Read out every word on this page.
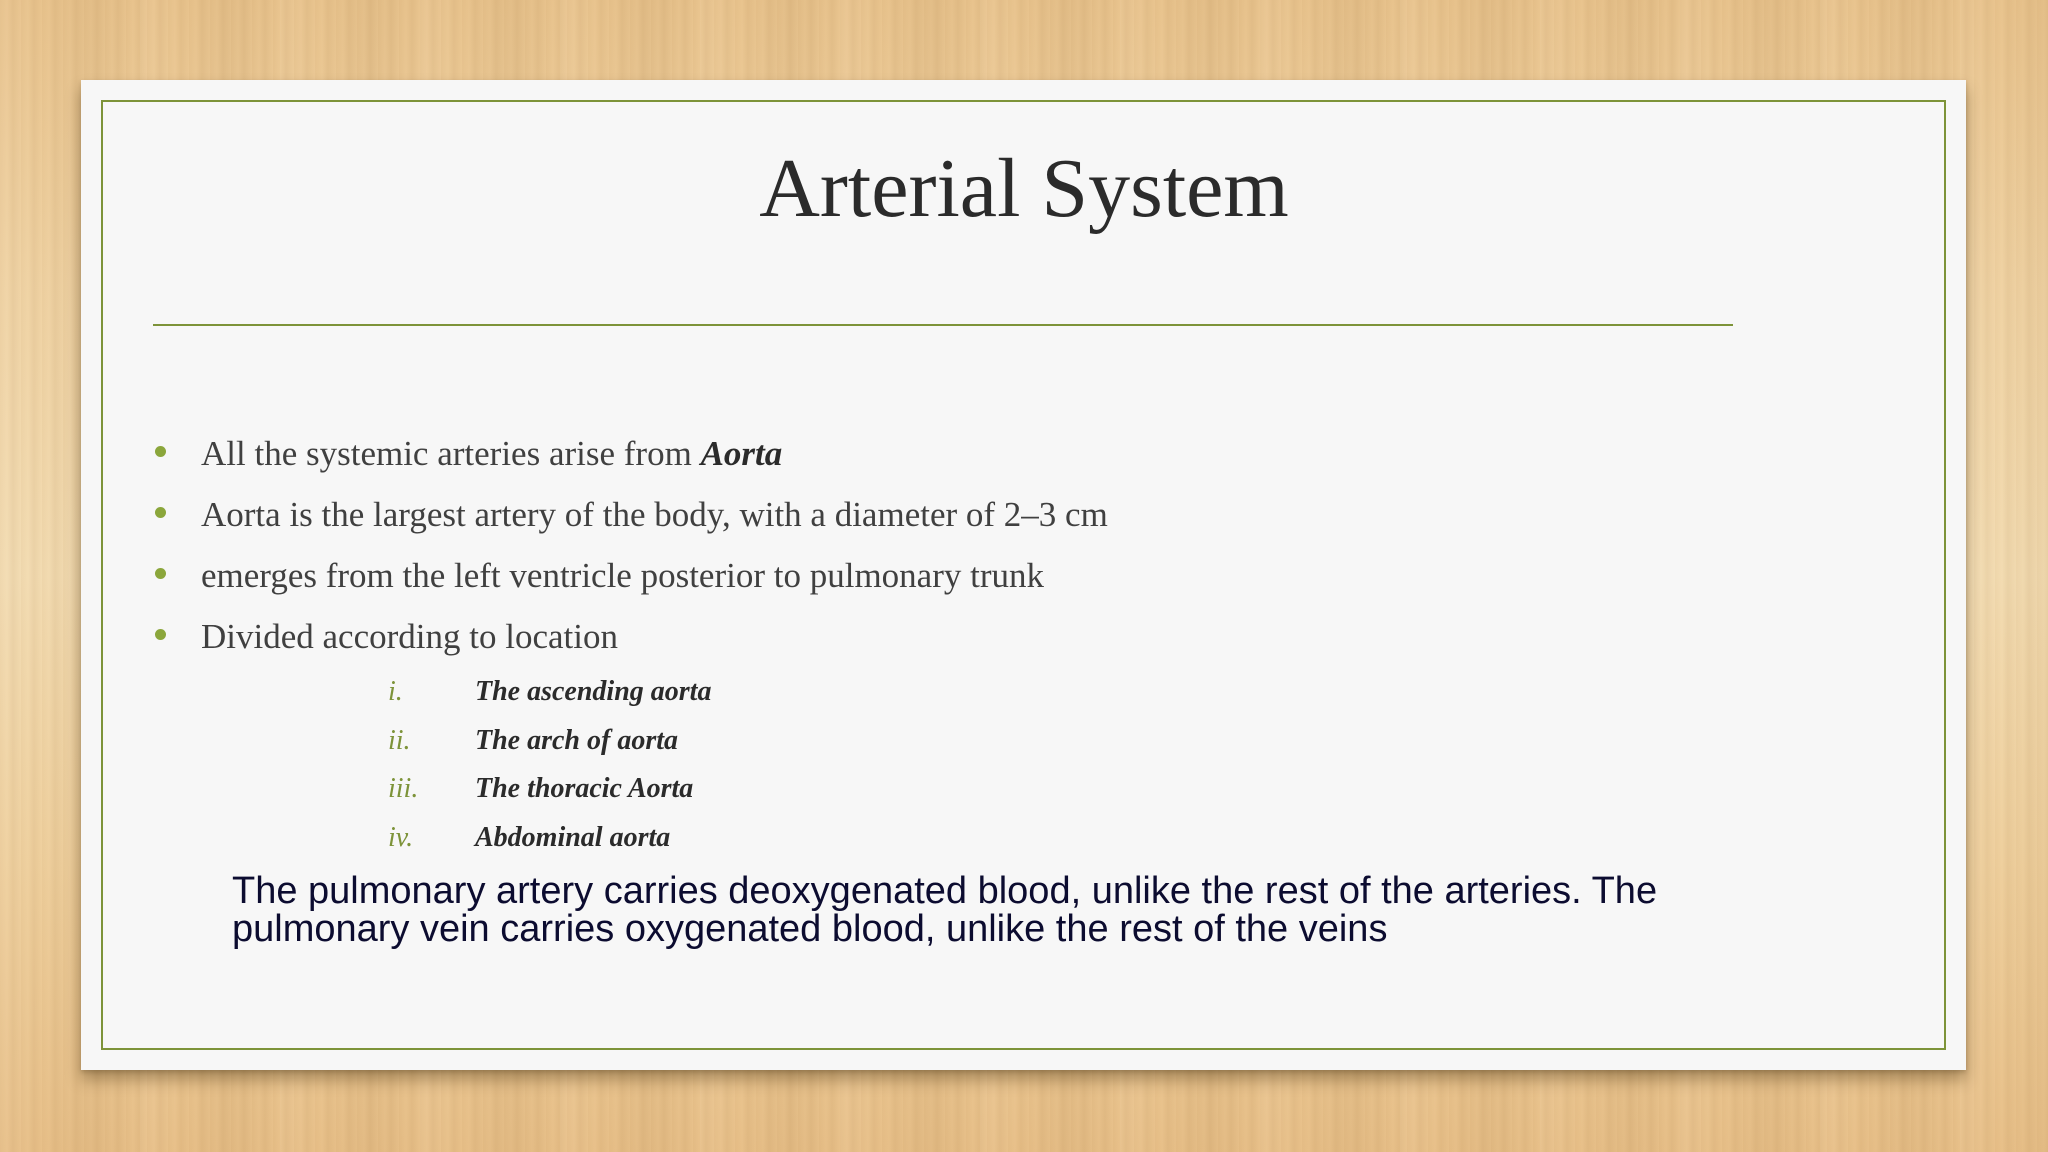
Arterial System
All the systemic arteries arise from Aorta
Aorta is the largest artery of the body, with a diameter of 2–3 cm
emerges from the left ventricle posterior to pulmonary trunk
Divided according to location
i.	The ascending aorta
ii. The arch of aorta
iii. The thoracic Aorta
iv. Abdominal aorta

The pulmonary artery carries deoxygenated blood, unlike the rest of the arteries. The
pulmonary vein carries oxygenated blood, unlike the rest of the veins
